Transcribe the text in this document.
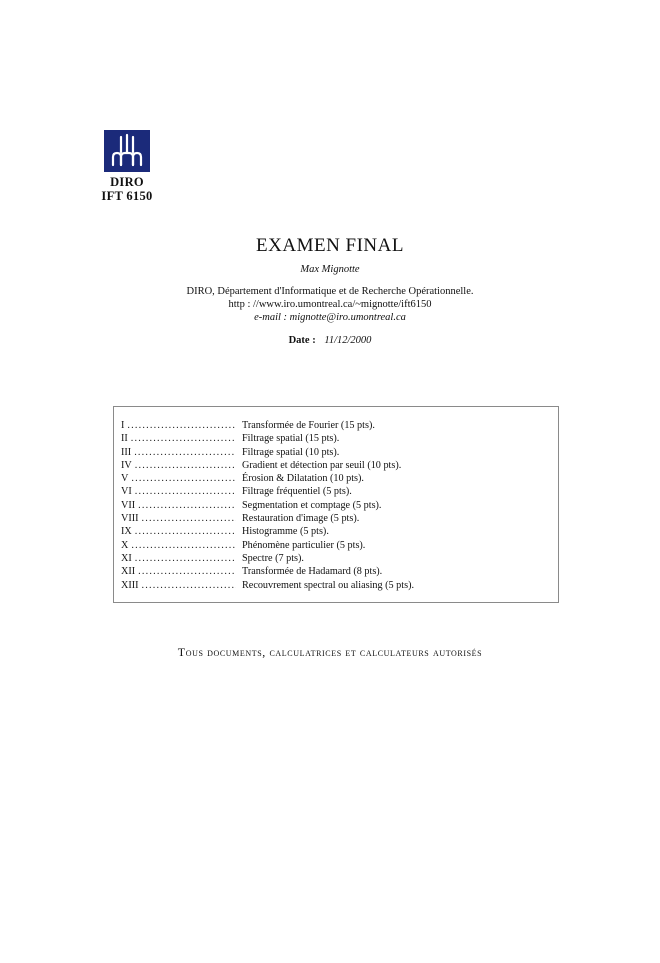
DIRO
IFT 6150
EXAMEN FINAL
Max Mignotte
DIRO, Département d'Informatique et de Recherche Opérationnelle.
http : //www.iro.umontreal.ca/~mignotte/ift6150
e-mail : mignotte@iro.umontreal.ca
Date : 11/12/2000
I .....	Transformée de Fourier (15 pts).
II .....	Filtrage spatial (15 pts).
III .....	Filtrage spatial (10 pts).
IV .....	Gradient et détection par seuil (10 pts).
V .....	Érosion & Dilatation (10 pts).
VI .....	Filtrage fréquentiel (5 pts).
VII .....	Segmentation et comptage (5 pts).
VIII .....	Restauration d'image (5 pts).
IX .....	Histogramme (5 pts).
X .....	Phénomène particulier (5 pts).
XI .....	Spectre (7 pts).
XII .....	Transformée de Hadamard (8 pts).
XIII .....	Recouvrement spectral ou aliasing (5 pts).
Tous documents, calculatrices et calculateurs autorisés
